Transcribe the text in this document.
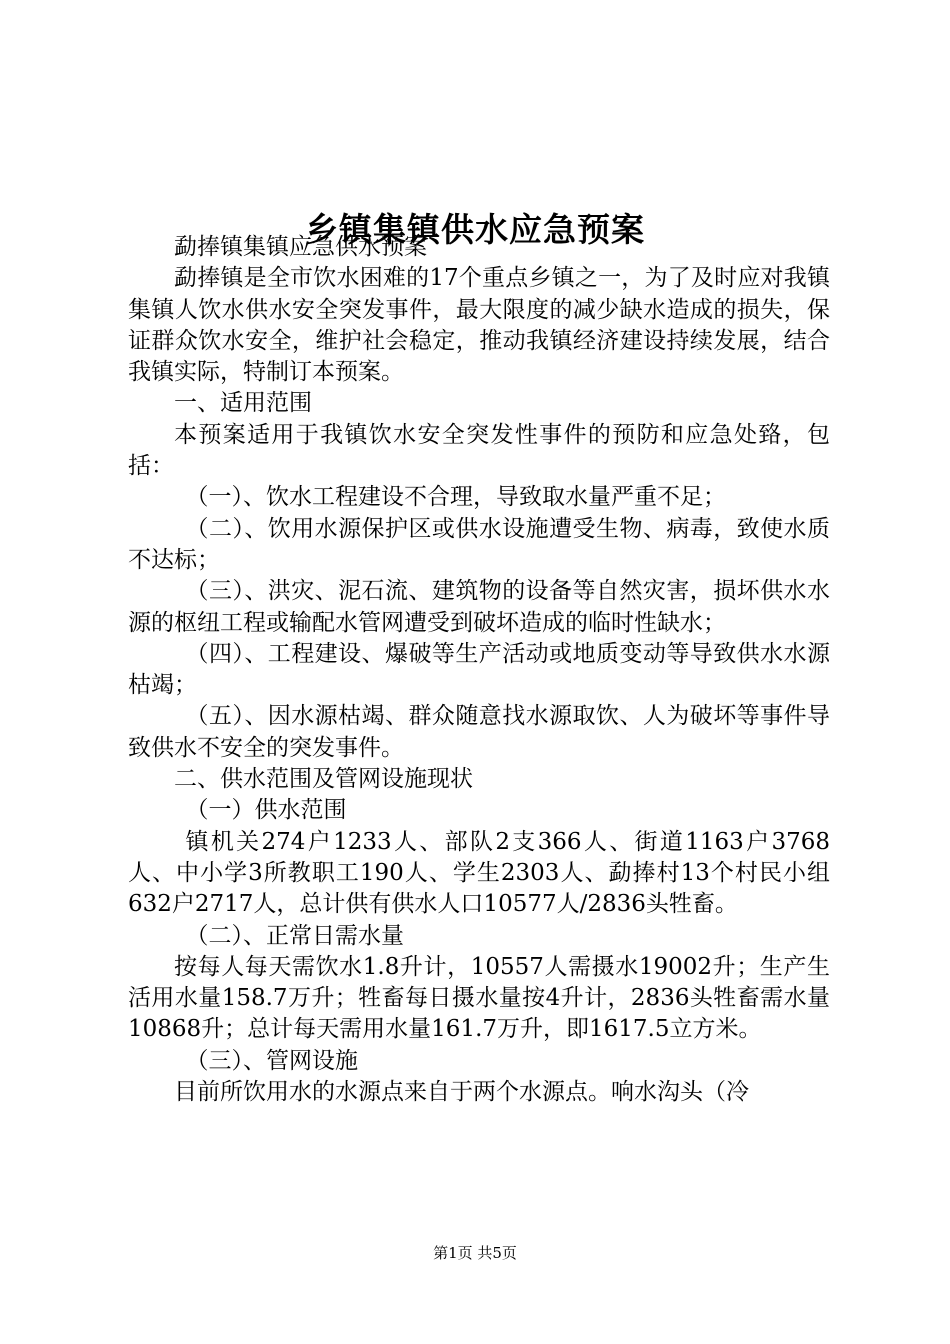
乡镇集镇供水应急预案

勐捧镇集镇应急供水预案

勐捧镇是全市饮水困难的17个重点乡镇之一，为了及时应对我镇集镇人饮水供水安全突发事件，最大限度的减少缺水造成的损失，保证群众饮水安全，维护社会稳定，推动我镇经济建设持续发展，结合我镇实际，特制订本预案。

一、适用范围

本预案适用于我镇饮水安全突发性事件的预防和应急处臵，包括：

（一）、饮水工程建设不合理，导致取水量严重不足；

（二）、饮用水源保护区或供水设施遭受生物、病毒，致使水质不达标；

（三）、洪灾、泥石流、建筑物的设备等自然灾害，损坏供水水源的枢纽工程或输配水管网遭受到破坏造成的临时性缺水；

（四）、工程建设、爆破等生产活动或地质变动等导致供水水源枯竭；

（五）、因水源枯竭、群众随意找水源取饮、人为破坏等事件导致供水不安全的突发事件。

二、供水范围及管网设施现状

（一）供水范围

镇机关274户1233人、部队2支366人、街道1163户3768人、中小学3所教职工190人、学生2303人、勐捧村13个村民小组632户2717人，总计供有供水人口10577人/2836头牲畜。

（二）、正常日需水量

按每人每天需饮水1.8升计，10557人需摄水19002升；生产生活用水量158.7万升；牲畜每日摄水量按4升计，2836头牲畜需水量10868升；总计每天需用水量161.7万升，即1617.5立方米。

（三）、管网设施

目前所饮用水的水源点来自于两个水源点。响水沟头（冷

第1页 共5页
